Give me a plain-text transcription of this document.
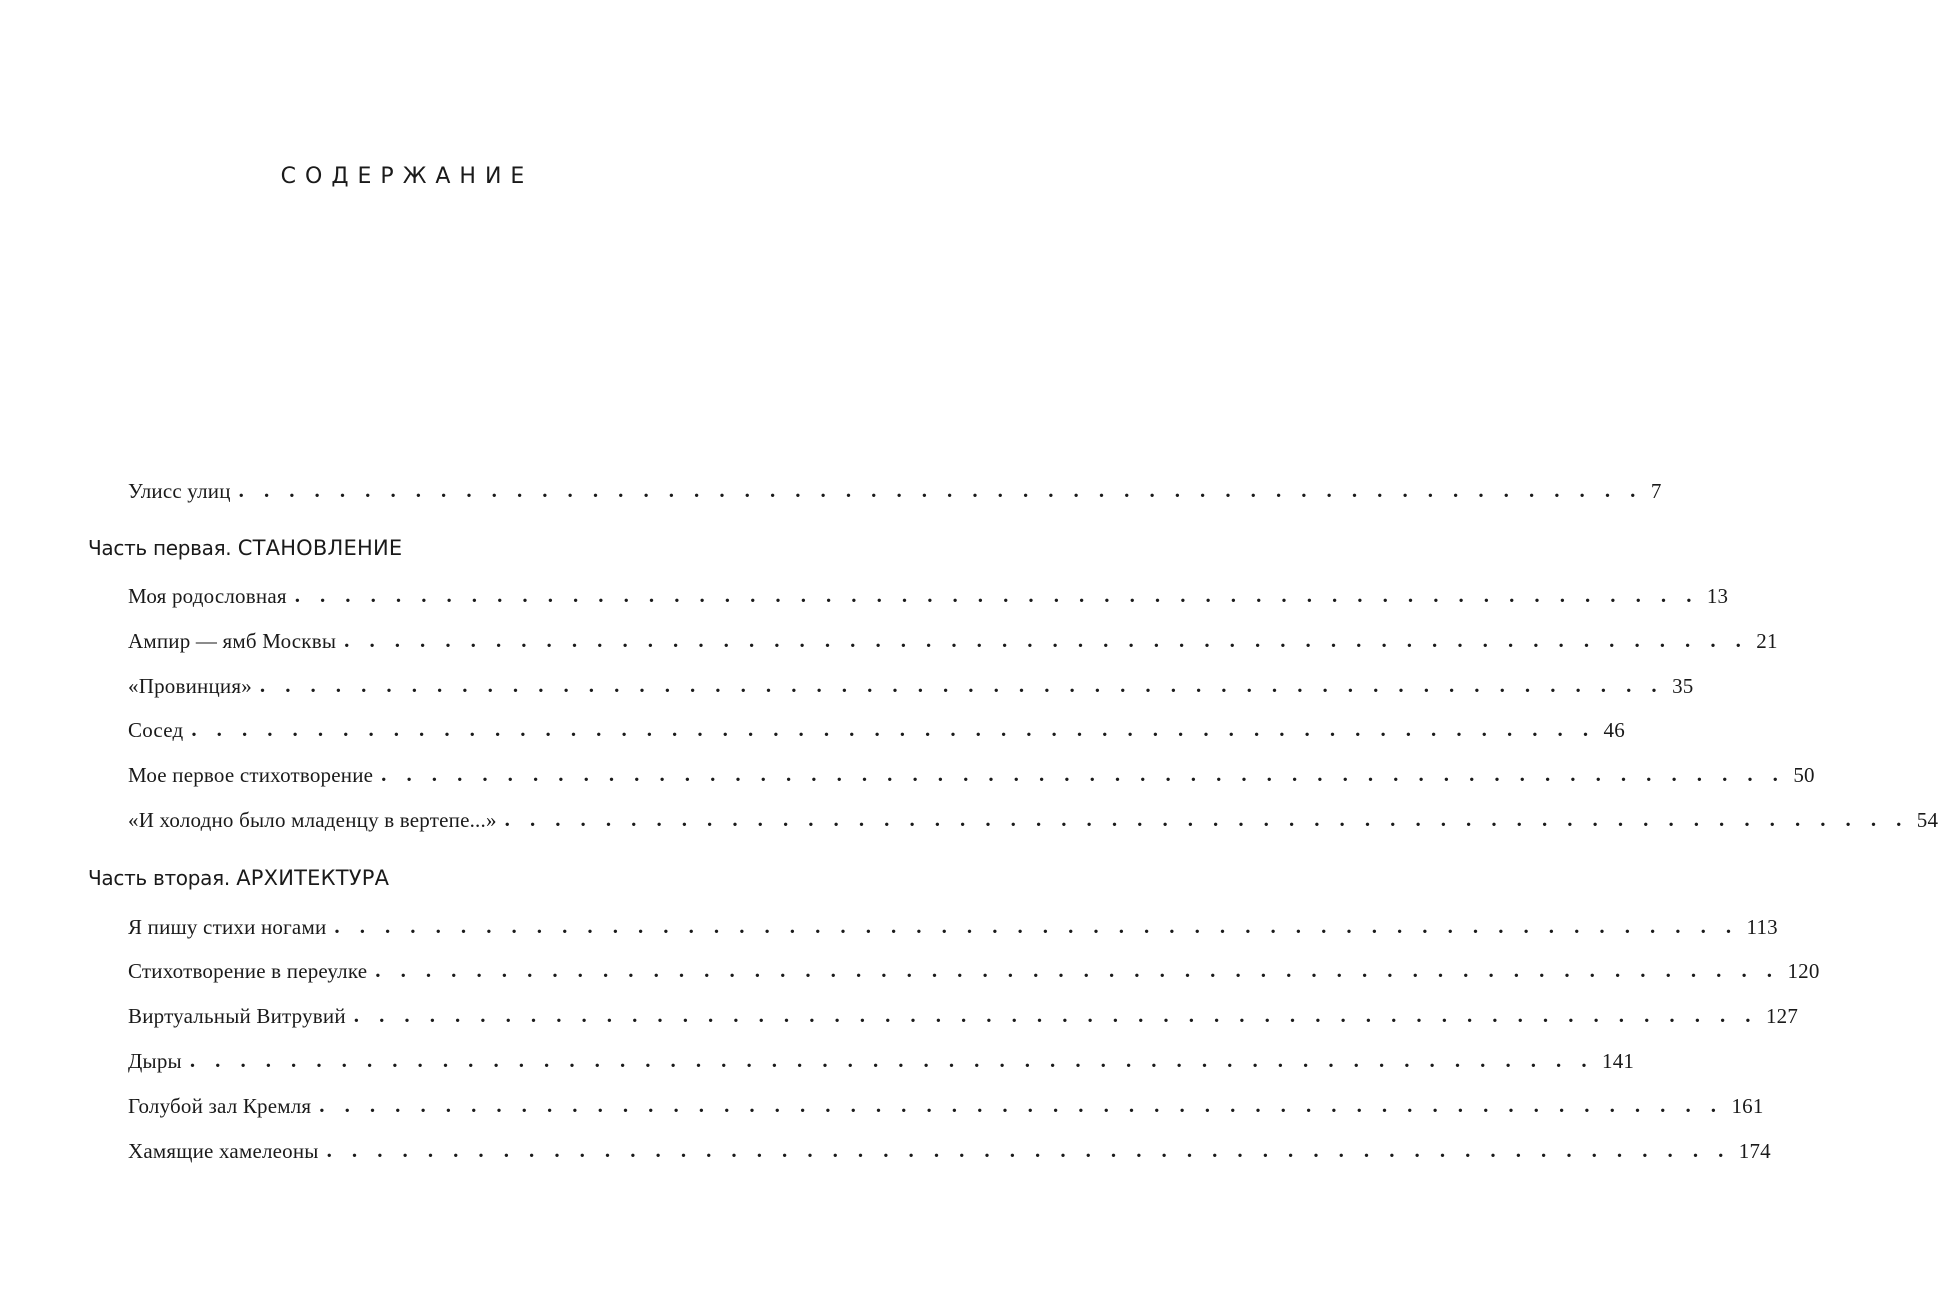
СОДЕРЖАНИЕ
Улисс улиц . . . . . . . . . . . . . . . . . . . . . . . . . . . . . . . . . . . . . . . . . . . . . . . . . . . . . . . . 7
Часть первая. СТАНОВЛЕНИЕ
Моя родословная . . . . . . . . . . . . . . . . . . . . . . . . . . . . . . . . . . . . . . . . . . . . . . . . . . . . . . . . 13
Ампир — ямб Москвы . . . . . . . . . . . . . . . . . . . . . . . . . . . . . . . . . . . . . . . . . . . . . . . . . . . . . . . . 21
«Провинция» . . . . . . . . . . . . . . . . . . . . . . . . . . . . . . . . . . . . . . . . . . . . . . . . . . . . . . . . 35
Сосед . . . . . . . . . . . . . . . . . . . . . . . . . . . . . . . . . . . . . . . . . . . . . . . . . . . . . . . . 46
Мое первое стихотворение . . . . . . . . . . . . . . . . . . . . . . . . . . . . . . . . . . . . . . . . . . . . . . . . . . . . . . . . 50
«И холодно было младенцу в вертепе...» . . . . . . . . . . . . . . . . . . . . . . . . . . . . . . . . . . . . . . . . . . . . . . . . . . . . . . . . 54
Часть вторая. АРХИТЕКТУРА
Я пишу стихи ногами . . . . . . . . . . . . . . . . . . . . . . . . . . . . . . . . . . . . . . . . . . . . . . . . . . . . . . . . 113
Стихотворение в переулке . . . . . . . . . . . . . . . . . . . . . . . . . . . . . . . . . . . . . . . . . . . . . . . . . . . . . . . . 120
Виртуальный Витрувий . . . . . . . . . . . . . . . . . . . . . . . . . . . . . . . . . . . . . . . . . . . . . . . . . . . . . . . . 127
Дыры . . . . . . . . . . . . . . . . . . . . . . . . . . . . . . . . . . . . . . . . . . . . . . . . . . . . . . . . 141
Голубой зал Кремля . . . . . . . . . . . . . . . . . . . . . . . . . . . . . . . . . . . . . . . . . . . . . . . . . . . . . . . . 161
Хамящие хамелеоны . . . . . . . . . . . . . . . . . . . . . . . . . . . . . . . . . . . . . . . . . . . . . . . . . . . . . . . . 174
